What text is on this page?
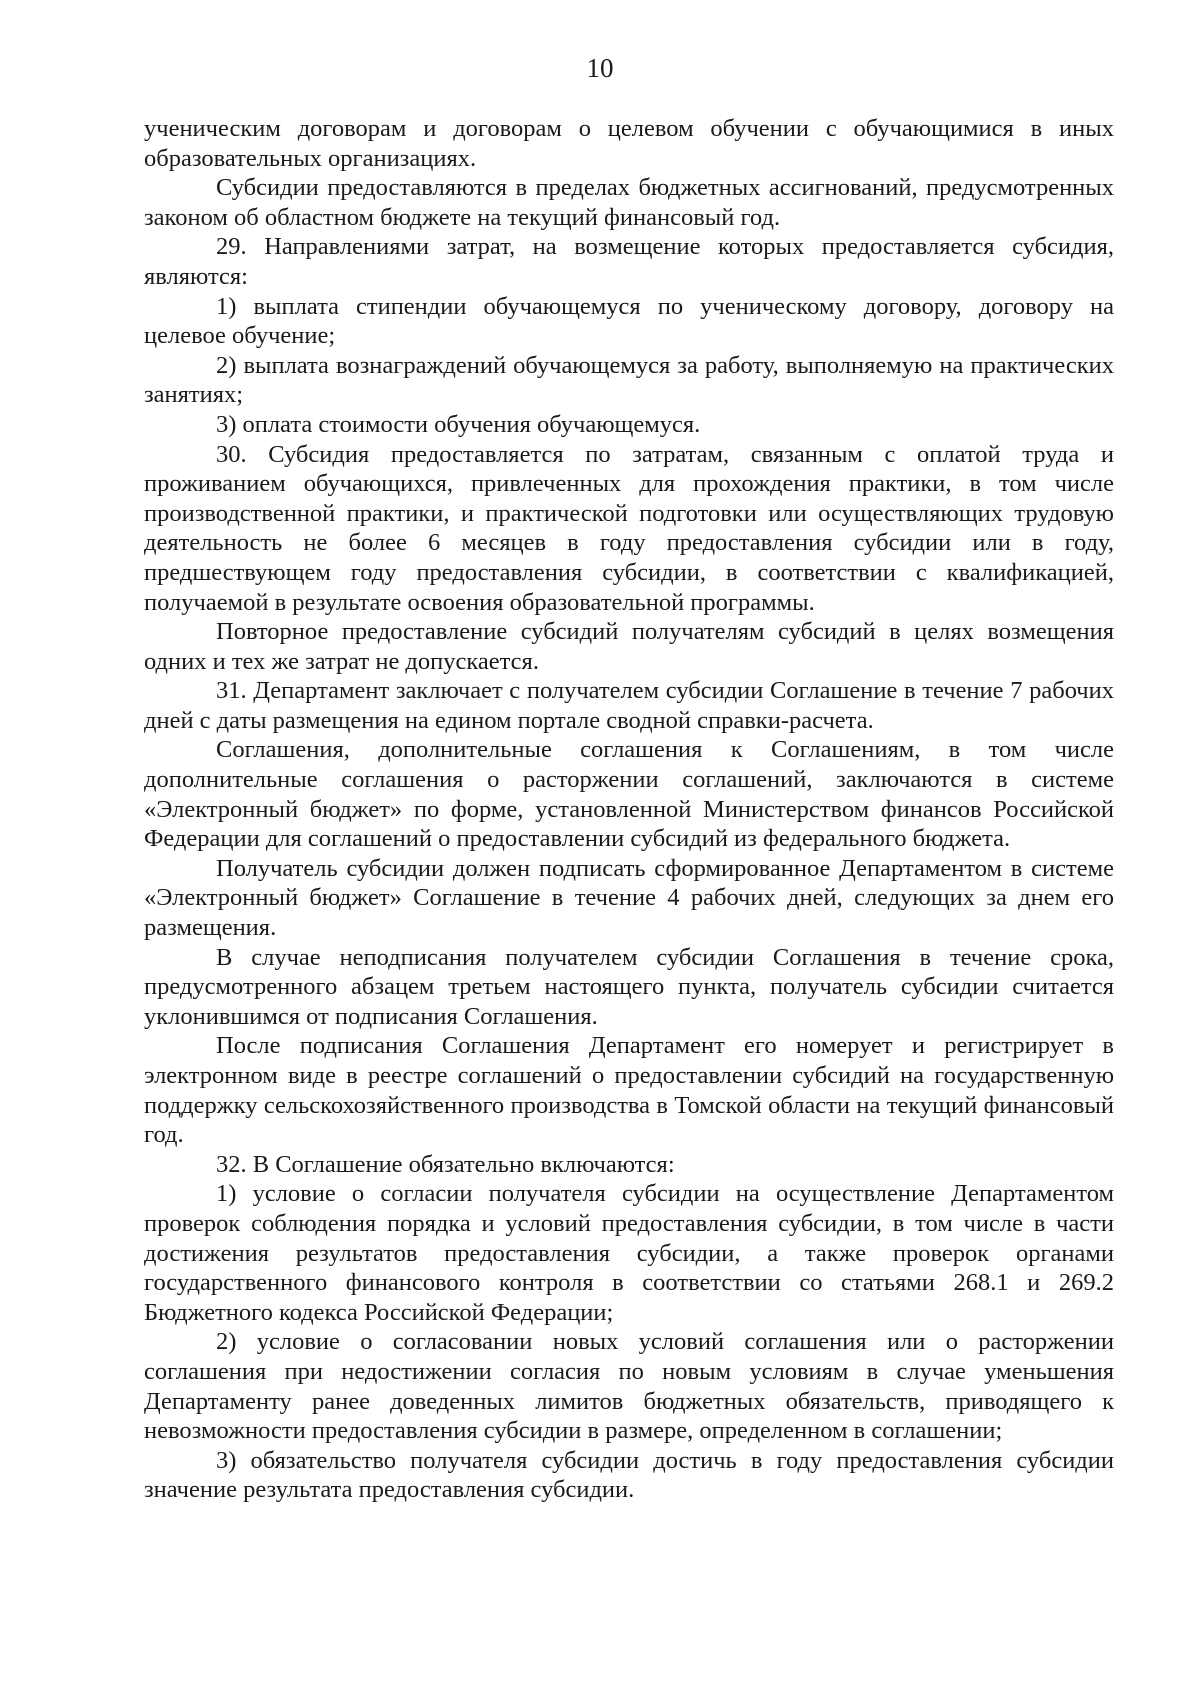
10

ученическим договорам и договорам о целевом обучении с обучающимися в иных образовательных организациях.

Субсидии предоставляются в пределах бюджетных ассигнований, предусмотренных законом об областном бюджете на текущий финансовый год.

29. Направлениями затрат, на возмещение которых предоставляется субсидия, являются:

1) выплата стипендии обучающемуся по ученическому договору, договору на целевое обучение;

2) выплата вознаграждений обучающемуся за работу, выполняемую на практических занятиях;

3) оплата стоимости обучения обучающемуся.

30. Субсидия предоставляется по затратам, связанным с оплатой труда и проживанием обучающихся, привлеченных для прохождения практики, в том числе производственной практики, и практической подготовки или осуществляющих трудовую деятельность не более 6 месяцев в году предоставления субсидии или в году, предшествующем году предоставления субсидии, в соответствии с квалификацией, получаемой в результате освоения образовательной программы.

Повторное предоставление субсидий получателям субсидий в целях возмещения одних и тех же затрат не допускается.

31. Департамент заключает с получателем субсидии Соглашение в течение 7 рабочих дней с даты размещения на едином портале сводной справки-расчета.

Соглашения, дополнительные соглашения к Соглашениям, в том числе дополнительные соглашения о расторжении соглашений, заключаются в системе «Электронный бюджет» по форме, установленной Министерством финансов Российской Федерации для соглашений о предоставлении субсидий из федерального бюджета.

Получатель субсидии должен подписать сформированное Департаментом в системе «Электронный бюджет» Соглашение в течение 4 рабочих дней, следующих за днем его размещения.

В случае неподписания получателем субсидии Соглашения в течение срока, предусмотренного абзацем третьем настоящего пункта, получатель субсидии считается уклонившимся от подписания Соглашения.

После подписания Соглашения Департамент его номерует и регистрирует в электронном виде в реестре соглашений о предоставлении субсидий на государственную поддержку сельскохозяйственного производства в Томской области на текущий финансовый год.

32. В Соглашение обязательно включаются:

1) условие о согласии получателя субсидии на осуществление Департаментом проверок соблюдения порядка и условий предоставления субсидии, в том числе в части достижения результатов предоставления субсидии, а также проверок органами государственного финансового контроля в соответствии со статьями 268.1 и 269.2 Бюджетного кодекса Российской Федерации;

2) условие о согласовании новых условий соглашения или о расторжении соглашения при недостижении согласия по новым условиям в случае уменьшения Департаменту ранее доведенных лимитов бюджетных обязательств, приводящего к невозможности предоставления субсидии в размере, определенном в соглашении;

3) обязательство получателя субсидии достичь в году предоставления субсидии значение результата предоставления субсидии.
